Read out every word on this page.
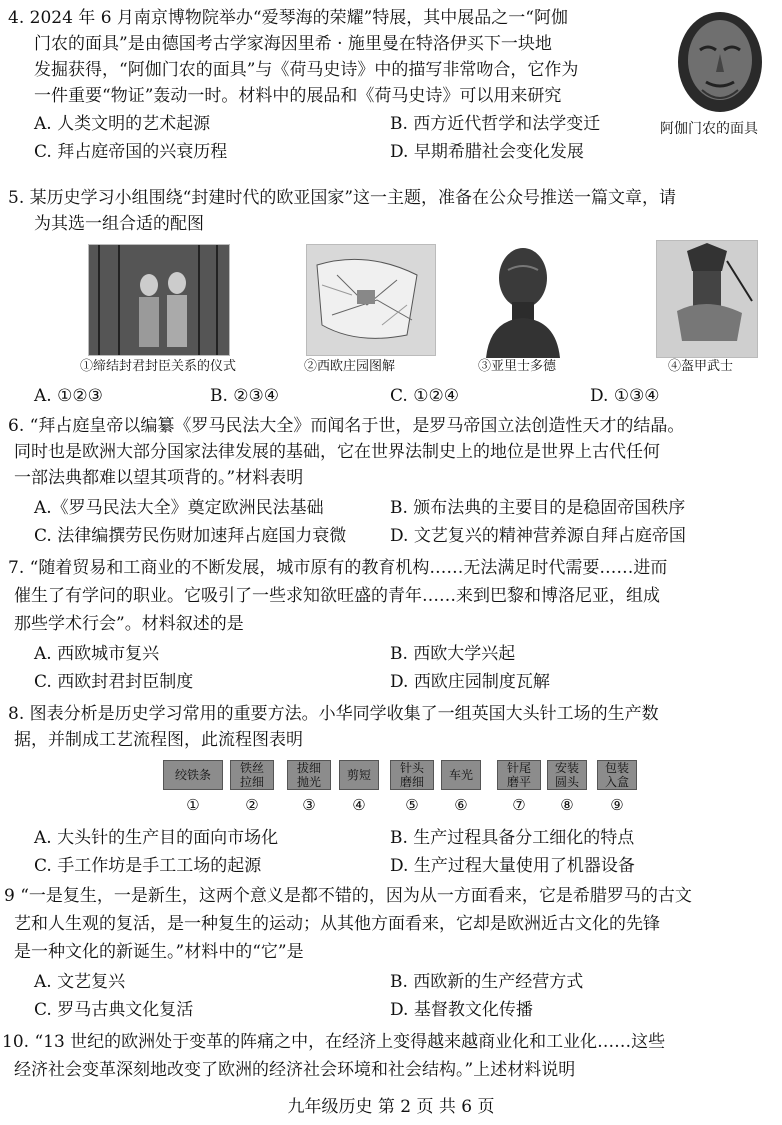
4. 2024 年 6 月南京博物院举办“爱琴海的荣耀”特展，其中展品之一“阿伽
门农的面具”是由德国考古学家海因里希 · 施里曼在特洛伊买下一块地
发掘获得，“阿伽门农的面具”与《荷马史诗》中的描写非常吻合，它作为
一件重要“物证”轰动一时。材料中的展品和《荷马史诗》可以用来研究
A. 人类文明的艺术起源	B. 西方近代哲学和法学变迁
C. 拜占庭帝国的兴衰历程	D. 早期希腊社会变化发展
阿伽门农的面具
5. 某历史学习小组围绕“封建时代的欧亚国家”这一主题，准备在公众号推送一篇文章，请
为其选一组合适的配图
①缔结封君封臣关系的仪式	②西欧庄园图解	③亚里士多德	④盔甲武士
A. ①②③	B. ②③④	C. ①②④	D. ①③④
6. “拜占庭皇帝以编纂《罗马民法大全》而闻名于世，是罗马帝国立法创造性天才的结晶。
同时也是欧洲大部分国家法律发展的基础，它在世界法制史上的地位是世界上古代任何
一部法典都难以望其项背的。”材料表明
A.《罗马民法大全》奠定欧洲民法基础	B. 颁布法典的主要目的是稳固帝国秩序
C. 法律编撰劳民伤财加速拜占庭国力衰微	D. 文艺复兴的精神营养源自拜占庭帝国
7. “随着贸易和工商业的不断发展，城市原有的教育机构……无法满足时代需要……进而
催生了有学问的职业。它吸引了一些求知欲旺盛的青年……来到巴黎和博洛尼亚，组成
那些学术行会”。材料叙述的是
A. 西欧城市复兴	B. 西欧大学兴起
C. 西欧封君封臣制度	D. 西欧庄园制度瓦解
8. 图表分析是历史学习常用的重要方法。小华同学收集了一组英国大头针工场的生产数
据，并制成工艺流程图，此流程图表明
绞铁条
①
铁丝
拉细
②
拔细
抛光
③
剪短
④
针头
磨细
⑤
车光
⑥
针尾
磨平
⑦
安装
圆头
⑧
包装
入盒
⑨
A. 大头针的生产目的面向市场化	B. 生产过程具备分工细化的特点
C. 手工作坊是手工工场的起源	D. 生产过程大量使用了机器设备
9 “一是复生，一是新生，这两个意义是都不错的，因为从一方面看来，它是希腊罗马的古文
艺和人生观的复活，是一种复生的运动；从其他方面看来，它却是欧洲近古文化的先锋
是一种文化的新诞生。”材料中的“它”是
A. 文艺复兴	B. 西欧新的生产经营方式
C. 罗马古典文化复活	D. 基督教文化传播
10. “13 世纪的欧洲处于变革的阵痛之中，在经济上变得越来越商业化和工业化……这些
经济社会变革深刻地改变了欧洲的经济社会环境和社会结构。”上述材料说明
九年级历史 第 2 页 共 6 页
